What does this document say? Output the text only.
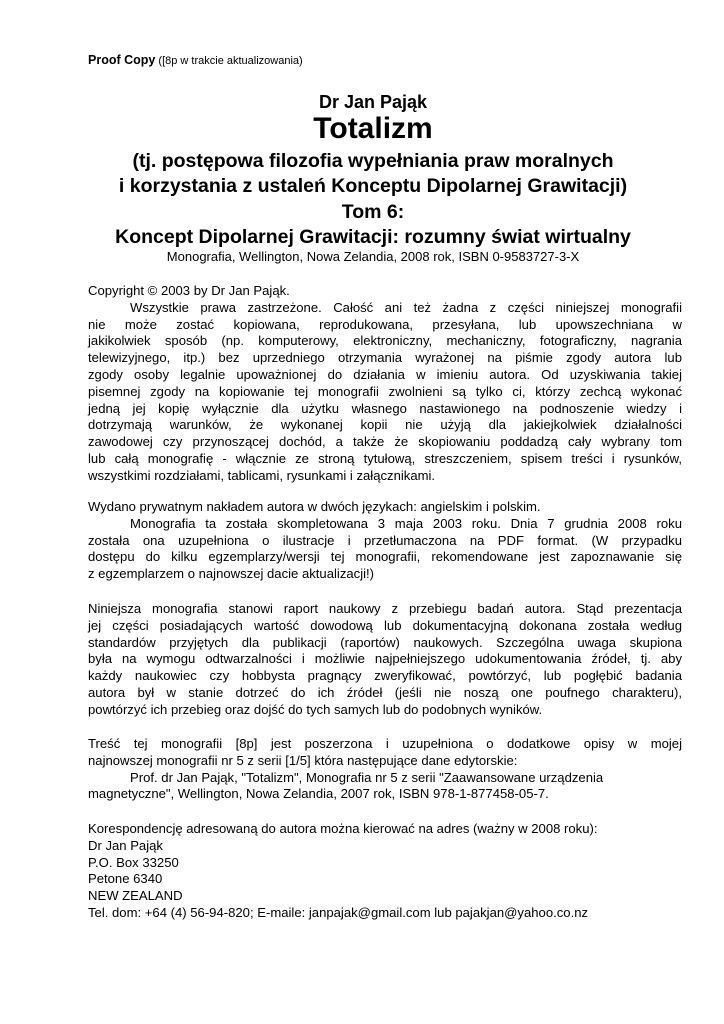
Proof Copy ([8p w trakcie aktualizowania)
Dr Jan Pająk
Totalizm
(tj. postępowa filozofia wypełniania praw moralnych
i korzystania z ustaleń Konceptu Dipolarnej Grawitacji)
Tom 6:
Koncept Dipolarnej Grawitacji: rozumny świat wirtualny
Monografia, Wellington, Nowa Zelandia, 2008 rok, ISBN 0-9583727-3-X
Copyright © 2003 by Dr Jan Pająk.
Wszystkie prawa zastrzeżone. Całość ani też żadna z części niniejszej monografii
nie może zostać kopiowana, reprodukowana, przesyłana, lub upowszechniana w
jakikolwiek sposób (np. komputerowy, elektroniczny, mechaniczny, fotograficzny, nagrania
telewizyjnego, itp.) bez uprzedniego otrzymania wyrażonej na piśmie zgody autora lub
zgody osoby legalnie upoważnionej do działania w imieniu autora. Od uzyskiwania takiej
pisemnej zgody na kopiowanie tej monografii zwolnieni są tylko ci, którzy zechcą wykonać
jedną jej kopię wyłącznie dla użytku własnego nastawionego na podnoszenie wiedzy i
dotrzymają warunków, że wykonanej kopii nie użyją dla jakiejkolwiek działalności
zawodowej czy przynoszącej dochód, a także że skopiowaniu poddadzą cały wybrany tom
lub całą monografię - włącznie ze stroną tytułową, streszczeniem, spisem treści i rysunków,
wszystkimi rozdziałami, tablicami, rysunkami i załącznikami.
Wydano prywatnym nakładem autora w dwóch językach: angielskim i polskim.
Monografia ta została skompletowana 3 maja 2003 roku. Dnia 7 grudnia 2008 roku
została ona uzupełniona o ilustracje i przetłumaczona na PDF format. (W przypadku
dostępu do kilku egzemplarzy/wersji tej monografii, rekomendowane jest zapoznawanie się
z egzemplarzem o najnowszej dacie aktualizacji!)
Niniejsza monografia stanowi raport naukowy z przebiegu badań autora. Stąd prezentacja
jej części posiadających wartość dowodową lub dokumentacyjną dokonana została według
standardów przyjętych dla publikacji (raportów) naukowych. Szczególna uwaga skupiona
była na wymogu odtwarzalności i możliwie najpełniejszego udokumentowania źródeł, tj. aby
każdy naukowiec czy hobbysta pragnący zweryfikować, powtórzyć, lub pogłębić badania
autora był w stanie dotrzeć do ich źródeł (jeśli nie noszą one poufnego charakteru),
powtórzyć ich przebieg oraz dojść do tych samych lub do podobnych wyników.
Treść tej monografii [8p] jest poszerzona i uzupełniona o dodatkowe opisy w mojej
najnowszej monografii nr 5 z serii [1/5] która następujące dane edytorskie:
Prof. dr Jan Pająk, "Totalizm", Monografia nr 5 z serii "Zaawansowane urządzenia
magnetyczne", Wellington, Nowa Zelandia, 2007 rok, ISBN 978-1-877458-05-7.
Korespondencję adresowaną do autora można kierować na adres (ważny w 2008 roku):
Dr Jan Pająk
P.O. Box 33250
Petone 6340
NEW ZEALAND
Tel. dom: +64 (4) 56-94-820; E-maile: janpajak@gmail.com lub pajakjan@yahoo.co.nz
